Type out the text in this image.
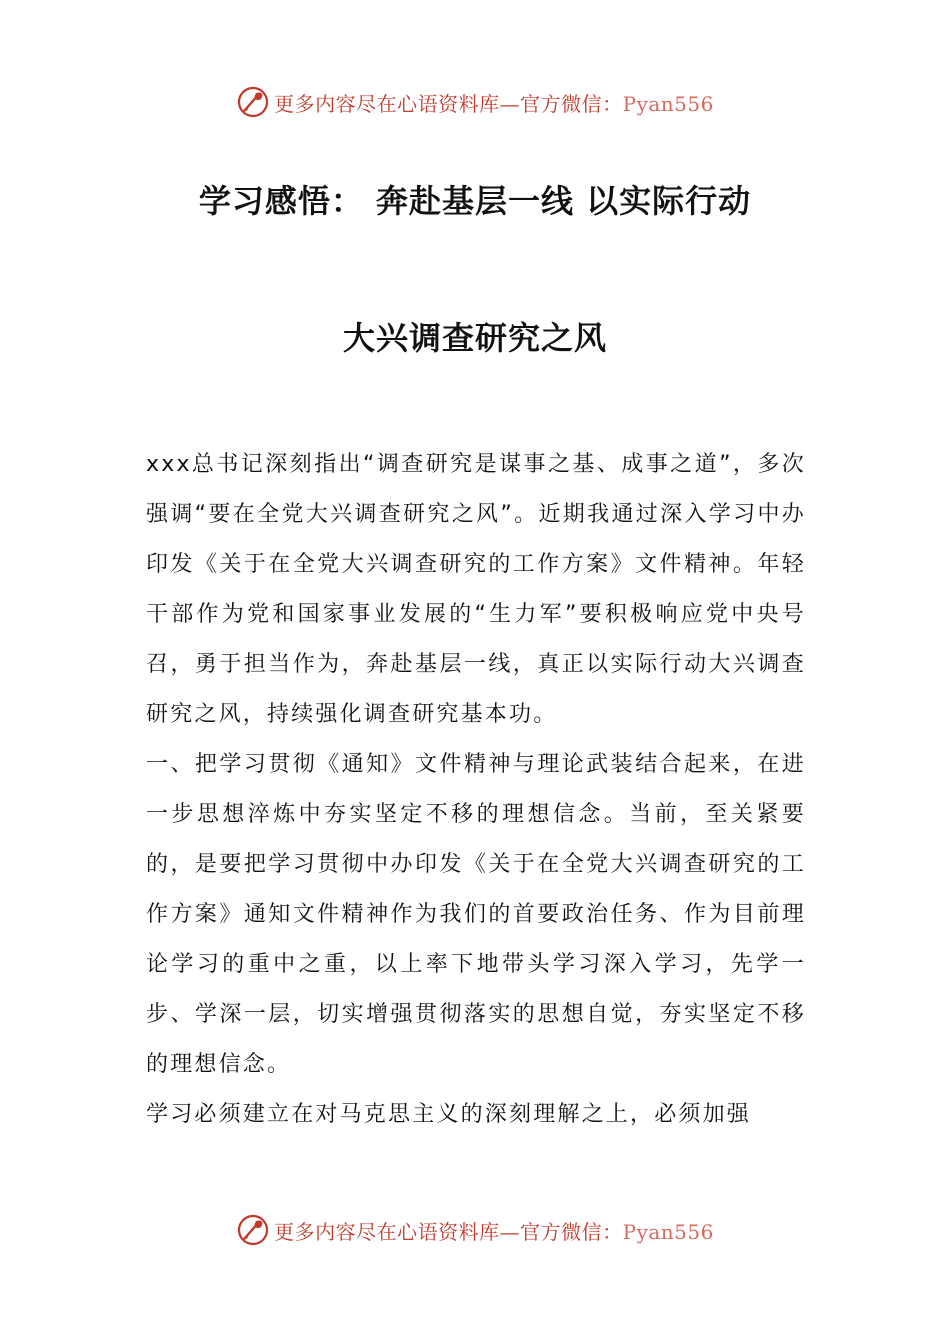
更多内容尽在心语资料库—官方微信：Pyan556
学习感悟： 奔赴基层一线 以实际行动
大兴调查研究之风

xxx总书记深刻指出“调查研究是谋事之基、成事之道”，多次强调“要在全党大兴调查研究之风”。近期我通过深入学习中办印发《关于在全党大兴调查研究的工作方案》文件精神。年轻干部作为党和国家事业发展的“生力军”要积极响应党中央号召，勇于担当作为，奔赴基层一线，真正以实际行动大兴调查研究之风，持续强化调查研究基本功。

一、把学习贯彻《通知》文件精神与理论武装结合起来，在进一步思想淬炼中夯实坚定不移的理想信念。当前，至关紧要的，是要把学习贯彻中办印发《关于在全党大兴调查研究的工作方案》通知文件精神作为我们的首要政治任务、作为目前理论学习的重中之重，以上率下地带头学习深入学习，先学一步、学深一层，切实增强贯彻落实的思想自觉，夯实坚定不移的理想信念。

学习必须建立在对马克思主义的深刻理解之上，必须加强

更多内容尽在心语资料库—官方微信：Pyan556
